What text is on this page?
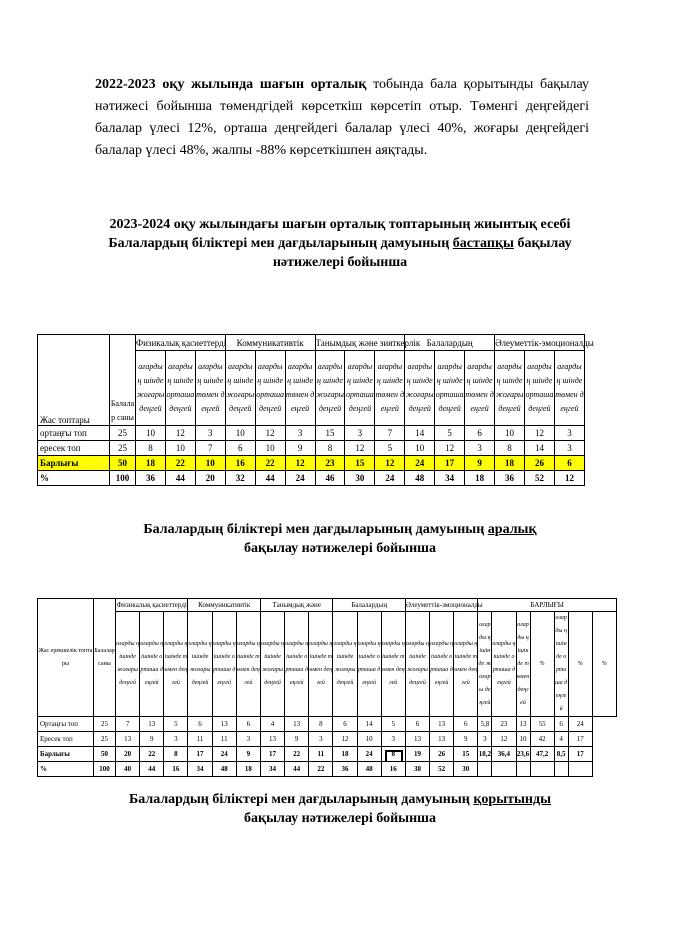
2022-2023 оқу жылында шағын орталық тобында бала қорытынды бақылау нәтижесі бойынша төмендгідей көрсеткіш көрсетіп отыр. Төменгі деңгейдегі балалар үлесі 12%, орташа деңгейдегі балалар үлесі 40%, жоғары деңгейдегі балалар үлесі 48%, жалпы -88% көрсеткішпен аяқтады.
2023-2024 оқу жылындағы шағын орталық топтарының жиынтық есебі
Балалардың біліктері мен дағдыларының дамуының бастапқы бақылау
нәтижелері бойынша
Жас топтары	Балалар саны	Физикалық қасиеттерді			Коммуникативтік			Танымдық және зияткерлік			Балалардың			Әлеуметтік-эмоционалды		
		ағарды ң шінде жоғары деңгей	ағарды ң шінде орташа деңгей	ағарды ң шінде төмен деңгей	ағарды ң шінде жоғары деңгей	ағарды ң шінде орташа деңгей	ағарды ң шінде төмен деңгей	ағарды ң шінде жоғары деңгей	ағарды ң шінде орташа деңгей	ағарды ң шінде төмен деңгей	ағарды ң шінде жоғары деңгей	ағарды ң шінде орташа деңгей	ағарды ң шінде төмен деңгей	ағарды ң шінде жоғары деңгей	ағарды ң шінде орташа деңгей	ағарды ң шінде төмен деңгей
ортаңғы топ	25	10	12	3	10	12	3	15	3	7	14	5	6	10	12	3
ересек топ	25	8	10	7	6	10	9	8	12	5	10	12	3	8	14	3
Барлығы	50	18	22	10	16	22	12	23	15	12	24	17	9	18	26	6
%	100	36	44	20	32	44	24	46	30	24	48	34	18	36	52	12
Балалардың біліктері мен дағдыларының дамуының аралық
бақылау нәтижелері бойынша
Жас ерекшелік топтары	Балалар саны	Физикалық қасиеттерді			Коммуникативтік			Танымдық және			Балалардың			Әлеуметтік-эмоционалды			БАРЛЫҒЫ						
		оларды ң ішінде жоғары деңгей	оларды ң ішінде орташа деңгей	оларды ң ішінде төмен деңгей	оларды ң ішінде жоғары деңгей	оларды ң ішінде орташа деңгей	оларды ң ішінде төмен деңгей	оларды ң ішінде жоғары деңгей	оларды ң ішінде орташа деңгей	оларды ң ішінде төмен деңгей	оларды ң ішінде жоғары деңгей	оларды ң ішінде орташа деңгей	оларды ң ішінде төмен деңгей	оларды ң ішінде жоғары деңгей	оларды ң ішінде орташа деңгей	оларды ң ішінде төмен деңгей	оларды ң ішінде жоғары деңгей	оларды ң ішінде орташа деңгей	оларды ң ішінде төмен деңгей	%	оларды ң ішінде орташа деңгей	%	%
Ортаңғы топ	25	7	13	5	6	13	6	4	13	8	6	14	5	6	13	6	5,8	23	13	55	6	24	
Ересек топ	25	13	9	3	11	11	3	13	9	3	12	10	3	13	13	9	3	12	10	42	4	17	
Барлығы	50	20	22	8	17	24	9	17	22	11	18	24	8	19	26	15	18,2	36,4	23,6	47,2	8,5	17	
%	100	40	44	16	34	48	18	34	44	22	36	48	16	38	52	30							
Балалардың біліктері мен дағдыларының дамуының қорытынды
бақылау нәтижелері бойынша
